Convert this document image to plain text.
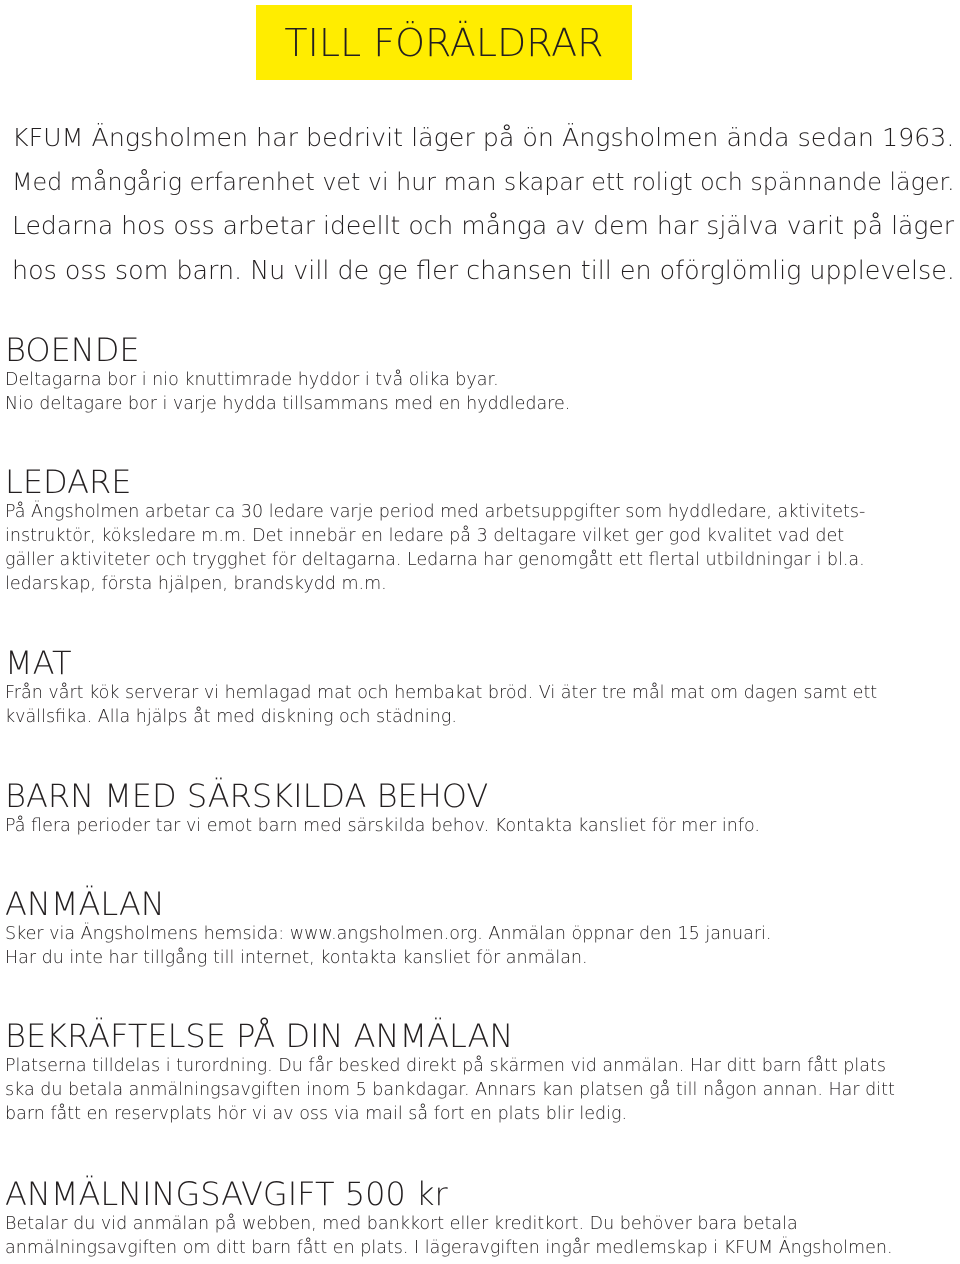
TILL FÖRÄLDRAR
KFUM Ängsholmen har bedrivit läger på ön Ängsholmen ända sedan 1963.
Med mångårig erfarenhet vet vi hur man skapar ett roligt och spännande läger.
Ledarna hos oss arbetar ideellt och många av dem har själva varit på läger
hos oss som barn. Nu vill de ge fler chansen till en oförglömlig upplevelse.
BOENDE
Deltagarna bor i nio knuttimrade hyddor i två olika byar.
Nio deltagare bor i varje hydda tillsammans med en hyddledare.
LEDARE
På Ängsholmen arbetar ca 30 ledare varje period med arbetsuppgifter som hyddledare, aktivitets-
instruktör, köksledare m.m. Det innebär en ledare på 3 deltagare vilket ger god kvalitet vad det
gäller aktiviteter och trygghet för deltagarna. Ledarna har genomgått ett flertal utbildningar i bl.a.
ledarskap, första hjälpen, brandskydd m.m.
MAT
Från vårt kök serverar vi hemlagad mat och hembakat bröd. Vi äter tre mål mat om dagen samt ett
kvällsfika. Alla hjälps åt med diskning och städning.
BARN MED SÄRSKILDA BEHOV
På flera perioder tar vi emot barn med särskilda behov. Kontakta kansliet för mer info.
ANMÄLAN
Sker via Ängsholmens hemsida: www.angsholmen.org. Anmälan öppnar den 15 januari.
Har du inte har tillgång till internet, kontakta kansliet för anmälan.
BEKRÄFTELSE PÅ DIN ANMÄLAN
Platserna tilldelas i turordning. Du får besked direkt på skärmen vid anmälan. Har ditt barn fått plats
ska du betala anmälningsavgiften inom 5 bankdagar. Annars kan platsen gå till någon annan. Har ditt
barn fått en reservplats hör vi av oss via mail så fort en plats blir ledig.
ANMÄLNINGSAVGIFT 500 kr
Betalar du vid anmälan på webben, med bankkort eller kreditkort. Du behöver bara betala
anmälningsavgiften om ditt barn fått en plats. I lägeravgiften ingår medlemskap i KFUM Ängsholmen.
